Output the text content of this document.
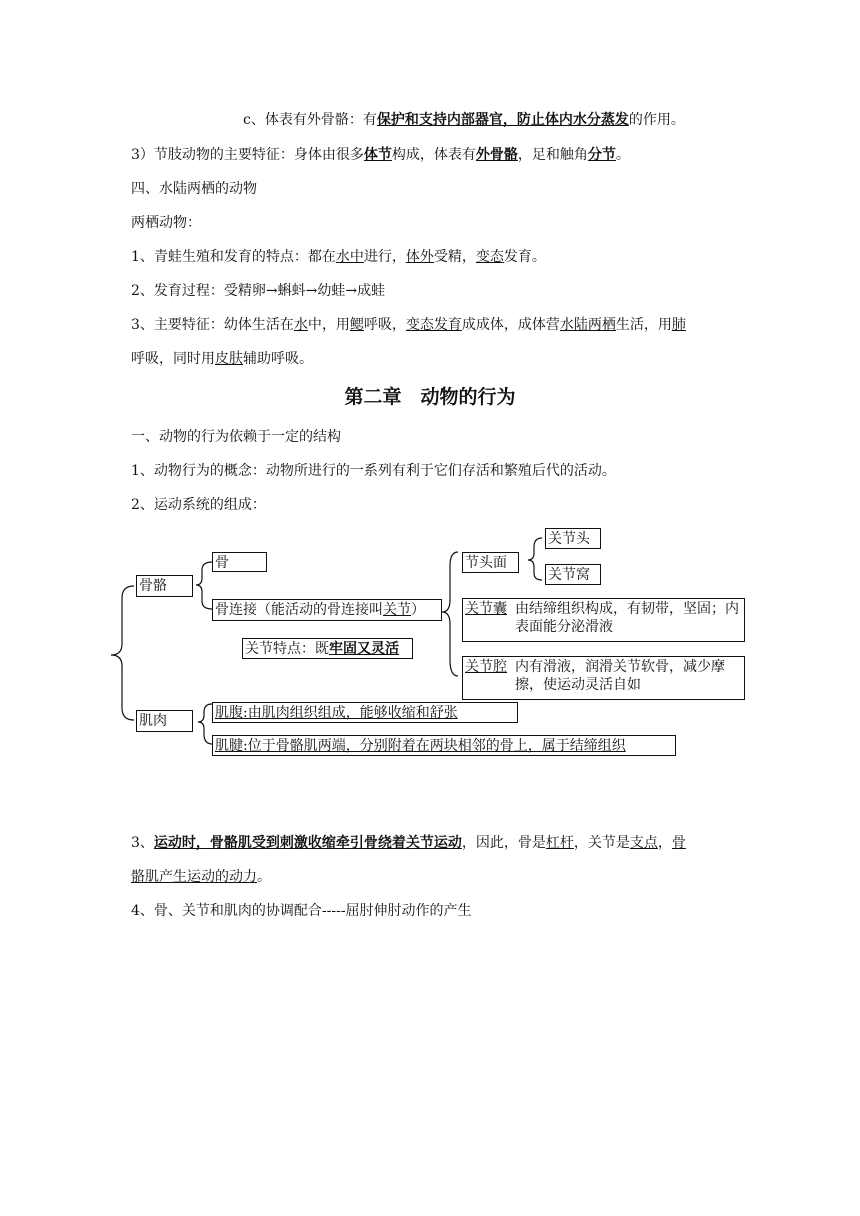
c、体表有外骨骼：有保护和支持内部器官，防止体内水分蒸发的作用。
3）节肢动物的主要特征：身体由很多体节构成，体表有外骨骼，足和触角分节。
四、水陆两栖的动物
两栖动物：
1、青蛙生殖和发育的特点：都在水中进行，体外受精，变态发育。
2、发育过程：受精卵→蝌蚪→幼蛙→成蛙
3、主要特征：幼体生活在水中，用鳃呼吸，变态发育成成体，成体营水陆两栖生活，用肺
呼吸，同时用皮肤辅助呼吸。
第二章　动物的行为
一、动物的行为依赖于一定的结构
1、动物行为的概念：动物所进行的一系列有利于它们存活和繁殖后代的活动。
2、运动系统的组成：
骨骼
骨
骨连接（能活动的骨连接叫关节）
关节特点：既牢固又灵活
节头面
关节头
关节窝
关节囊 由结缔组织构成，有韧带，坚固；内表面能分泌滑液
关节腔 内有滑液，润滑关节软骨，减少摩擦，使运动灵活自如
肌肉	肌腹:由肌肉组织组成，能够收缩和舒张
肌腱:位于骨骼肌两端，分别附着在两块相邻的骨上，属于结缔组织
3、运动时，骨骼肌受到刺激收缩牵引骨绕着关节运动，因此，骨是杠杆，关节是支点，骨
骼肌产生运动的动力。
4、骨、关节和肌肉的协调配合-----屈肘伸肘动作的产生
